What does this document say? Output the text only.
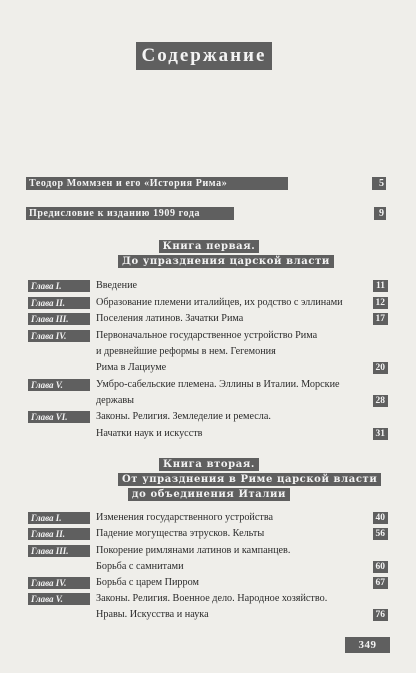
Содержание
Теодор Моммзен и его «История Рима»	5
Предисловие к изданию 1909 года	9
Книга первая.
До упразднения царской власти
Глава I.	Введение	11
Глава II.	Образование племени италийцев, их родство с эллинами	12
Глава III.	Поселения латинов. Зачатки Рима	17
Глава IV.	Первоначальное государственное устройство Рима
и древнейшие реформы в нем. Гегемония
Рима в Лациуме	20
Глава V.	Умбро-сабельские племена. Эллины в Италии. Морские
державы	28
Глава VI.	Законы. Религия. Земледелие и ремесла.
Начатки наук и искусств	31
Книга вторая.
От упразднения в Риме царской власти
до объединения Италии
Глава I.	Изменения государственного устройства	40
Глава II.	Падение могущества этрусков. Кельты	56
Глава III.	Покорение римлянами латинов и кампанцев.
Борьба с самнитами	60
Глава IV.	Борьба с царем Пирром	67
Глава V.	Законы. Религия. Военное дело. Народное хозяйство.
Нравы. Искусства и наука	76
349
